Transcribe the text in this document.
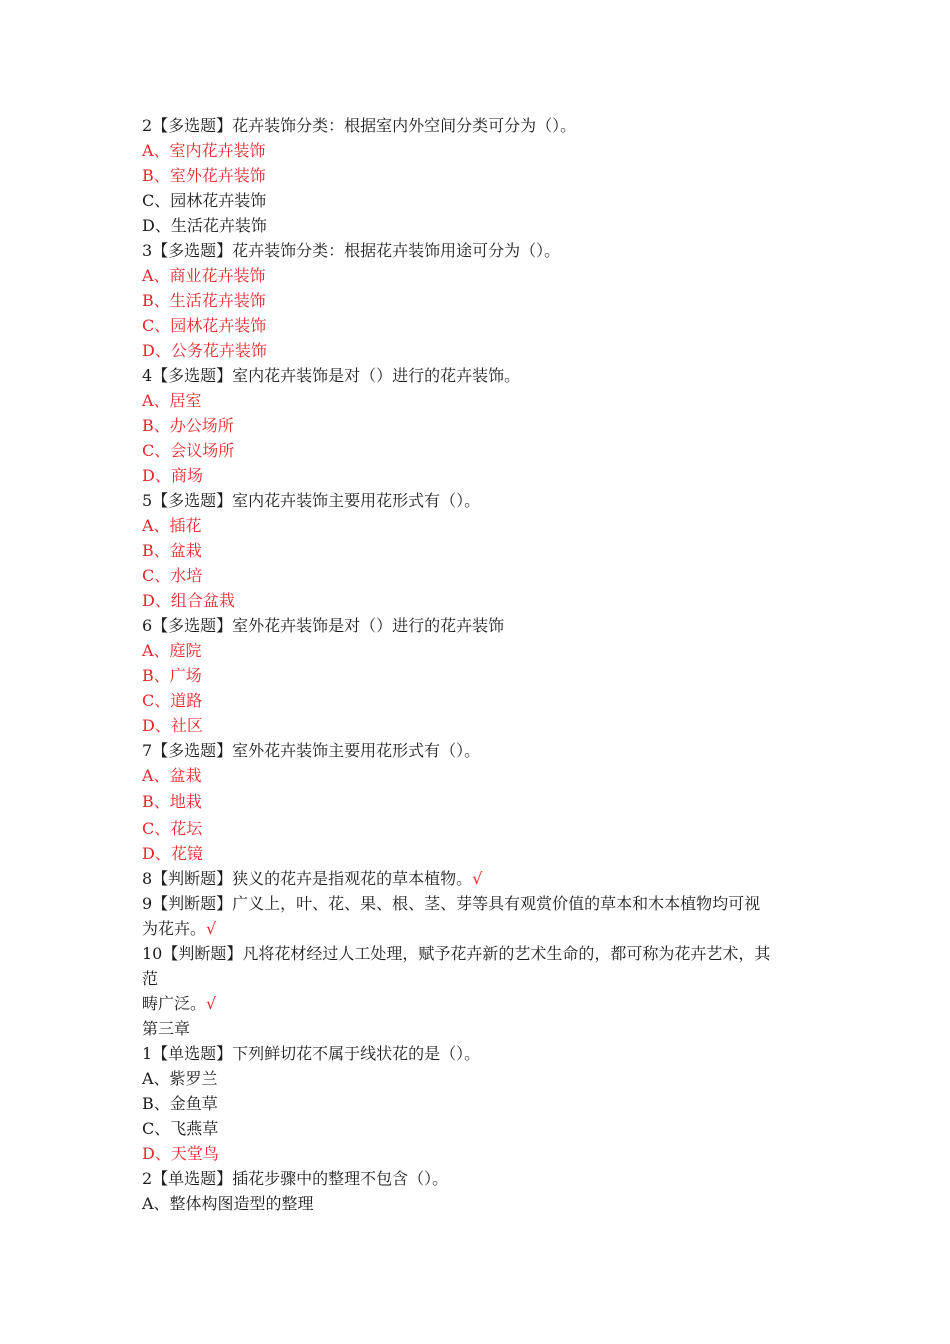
2【多选题】花卉装饰分类：根据室内外空间分类可分为（）。
A、室内花卉装饰
B、室外花卉装饰
C、园林花卉装饰
D、生活花卉装饰
3【多选题】花卉装饰分类：根据花卉装饰用途可分为（）。
A、商业花卉装饰
B、生活花卉装饰
C、园林花卉装饰
D、公务花卉装饰
4【多选题】室内花卉装饰是对（）进行的花卉装饰。
A、居室
B、办公场所
C、会议场所
D、商场
5【多选题】室内花卉装饰主要用花形式有（）。
A、插花
B、盆栽
C、水培
D、组合盆栽
6【多选题】室外花卉装饰是对（）进行的花卉装饰
A、庭院
B、广场
C、道路
D、社区
7【多选题】室外花卉装饰主要用花形式有（）。
A、盆栽
B、地栽
C、花坛
D、花镜
8【判断题】狭义的花卉是指观花的草本植物。√
9【判断题】广义上，叶、花、果、根、茎、芽等具有观赏价值的草本和木本植物均可视
为花卉。√
10【判断题】凡将花材经过人工处理，赋予花卉新的艺术生命的，都可称为花卉艺术，其
范
畴广泛。√
第三章
1【单选题】下列鲜切花不属于线状花的是（）。
A、紫罗兰
B、金鱼草
C、飞燕草
D、天堂鸟
2【单选题】插花步骤中的整理不包含（）。
A、整体构图造型的整理
